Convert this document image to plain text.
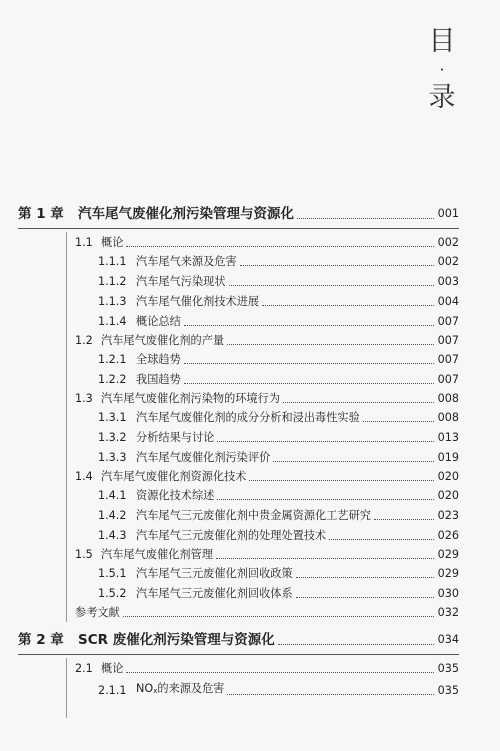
目
·
录
第 1 章	汽车尾气废催化剂污染管理与资源化	001
1.1 概论	002
1.1.1 汽车尾气来源及危害	002
1.1.2 汽车尾气污染现状	003
1.1.3 汽车尾气催化剂技术进展	004
1.1.4 概论总结	007
1.2 汽车尾气废催化剂的产量	007
1.2.1 全球趋势	007
1.2.2 我国趋势	007
1.3 汽车尾气废催化剂污染物的环境行为	008
1.3.1 汽车尾气废催化剂的成分分析和浸出毒性实验	008
1.3.2 分析结果与讨论	013
1.3.3 汽车尾气废催化剂污染评价	019
1.4 汽车尾气废催化剂资源化技术	020
1.4.1 资源化技术综述	020
1.4.2 汽车尾气三元废催化剂中贵金属资源化工艺研究	023
1.4.3 汽车尾气三元废催化剂的处理处置技术	026
1.5 汽车尾气废催化剂管理	029
1.5.1 汽车尾气三元废催化剂回收政策	029
1.5.2 汽车尾气三元废催化剂回收体系	030
参考文献	032
第 2 章	SCR 废催化剂污染管理与资源化	034
2.1 概论	035
2.1.1 $NO_x$的来源及危害	035
